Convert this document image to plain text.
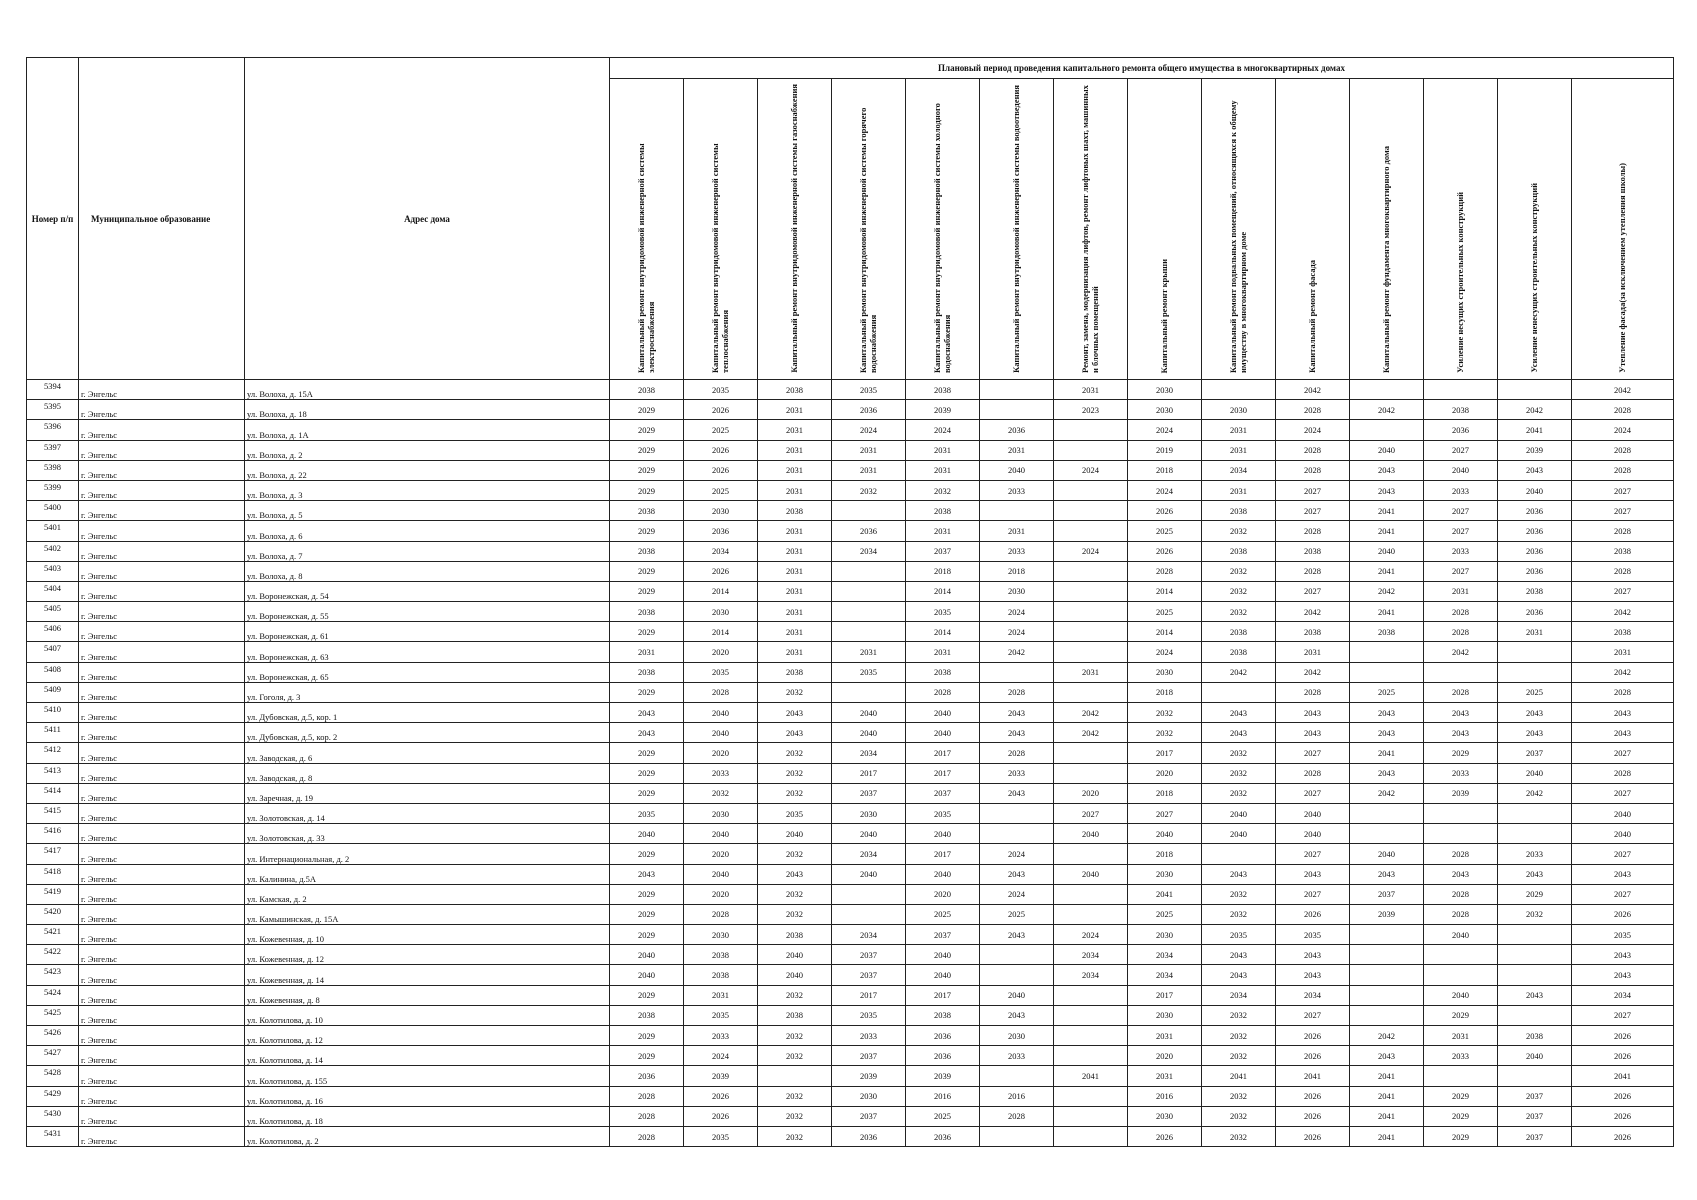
Номер п/п	Муниципальное образование	Адрес дома	Плановый период проведения капитального ремонта общего имущества в многоквартирных домах													

			Капитальный ремонт внутридомовой инженерной системы электроснабжения	Капитальный ремонт внутридомовой инженерной системы теплоснабжения	Капитальный ремонт внутридомовой инженерной системы газоснабжения	Капитальный ремонт внутридомовой инженерной системы горячего водоснабжения	Капитальный ремонт внутридомовой инженерной системы холодного водоснабжения	Капитальный ремонт внутридомовой инженерной системы водоотведения	Ремонт, замена, модернизация лифтов, ремонт лифтовых шахт, машинных и блочных помещений	Капитальный ремонт крыши	Капитальный ремонт подвальных помещений, относящихся к общему имуществу в многоквартирном доме	Капитальный ремонт фасада	Капитальный ремонт фундамента многоквартирного дома	Усиление несущих строительных конструкций	Усиление ненесущих строительных конструкций	Утепление фасада(за исключением утепления школы)

5394	г. Энгельс	ул. Волоха, д. 15А	2038	2035	2038	2035	2038		2031	2030		2042				2042
5395	г. Энгельс	ул. Волоха, д. 18	2029	2026	2031	2036	2039		2023	2030	2030	2028	2042	2038	2042	2028
5396	г. Энгельс	ул. Волоха, д. 1А	2029	2025	2031	2024	2024	2036		2024	2031	2024		2036	2041	2024
5397	г. Энгельс	ул. Волоха, д. 2	2029	2026	2031	2031	2031	2031		2019	2031	2028	2040	2027	2039	2028
5398	г. Энгельс	ул. Волоха, д. 22	2029	2026	2031	2031	2031	2040	2024	2018	2034	2028	2043	2040	2043	2028
5399	г. Энгельс	ул. Волоха, д. 3	2029	2025	2031	2032	2032	2033		2024	2031	2027	2043	2033	2040	2027
5400	г. Энгельс	ул. Волоха, д. 5	2038	2030	2038		2038			2026	2038	2027	2041	2027	2036	2027
5401	г. Энгельс	ул. Волоха, д. 6	2029	2036	2031	2036	2031	2031		2025	2032	2028	2041	2027	2036	2028
5402	г. Энгельс	ул. Волоха, д. 7	2038	2034	2031	2034	2037	2033	2024	2026	2038	2038	2040	2033	2036	2038
5403	г. Энгельс	ул. Волоха, д. 8	2029	2026	2031		2018	2018		2028	2032	2028	2041	2027	2036	2028
5404	г. Энгельс	ул. Воронежская, д. 54	2029	2014	2031		2014	2030		2014	2032	2027	2042	2031	2038	2027
5405	г. Энгельс	ул. Воронежская, д. 55	2038	2030	2031		2035	2024		2025	2032	2042	2041	2028	2036	2042
5406	г. Энгельс	ул. Воронежская, д. 61	2029	2014	2031		2014	2024		2014	2038	2038	2038	2028	2031	2038
5407	г. Энгельс	ул. Воронежская, д. 63	2031	2020	2031	2031	2031	2042		2024	2038	2031		2042		2031
5408	г. Энгельс	ул. Воронежская, д. 65	2038	2035	2038	2035	2038		2031	2030	2042	2042				2042
5409	г. Энгельс	ул. Гоголя, д. 3	2029	2028	2032		2028	2028		2018		2028	2025	2028	2025	2028
5410	г. Энгельс	ул. Дубовская, д.5, кор. 1	2043	2040	2043	2040	2040	2043	2042	2032	2043	2043	2043	2043	2043	2043
5411	г. Энгельс	ул. Дубовская, д.5, кор. 2	2043	2040	2043	2040	2040	2043	2042	2032	2043	2043	2043	2043	2043	2043
5412	г. Энгельс	ул. Заводская, д. 6	2029	2020	2032	2034	2017	2028		2017	2032	2027	2041	2029	2037	2027
5413	г. Энгельс	ул. Заводская, д. 8	2029	2033	2032	2017	2017	2033		2020	2032	2028	2043	2033	2040	2028
5414	г. Энгельс	ул. Заречная, д. 19	2029	2032	2032	2037	2037	2043	2020	2018	2032	2027	2042	2039	2042	2027
5415	г. Энгельс	ул. Золотовская, д. 14	2035	2030	2035	2030	2035		2027	2027	2040	2040				2040
5416	г. Энгельс	ул. Золотовская, д. 33	2040	2040	2040	2040	2040		2040	2040	2040	2040				2040
5417	г. Энгельс	ул. Интернациональная, д. 2	2029	2020	2032	2034	2017	2024		2018		2027	2040	2028	2033	2027
5418	г. Энгельс	ул. Калинина, д.5А	2043	2040	2043	2040	2040	2043	2040	2030	2043	2043	2043	2043	2043	2043
5419	г. Энгельс	ул. Камская, д. 2	2029	2020	2032		2020	2024		2041	2032	2027	2037	2028	2029	2027
5420	г. Энгельс	ул. Камышинская, д. 15А	2029	2028	2032		2025	2025		2025	2032	2026	2039	2028	2032	2026
5421	г. Энгельс	ул. Кожевенная, д. 10	2029	2030	2038	2034	2037	2043	2024	2030	2035	2035		2040		2035
5422	г. Энгельс	ул. Кожевенная, д. 12	2040	2038	2040	2037	2040		2034	2034	2043	2043				2043
5423	г. Энгельс	ул. Кожевенная, д. 14	2040	2038	2040	2037	2040		2034	2034	2043	2043				2043
5424	г. Энгельс	ул. Кожевенная, д. 8	2029	2031	2032	2017	2017	2040		2017	2034	2034		2040	2043	2034
5425	г. Энгельс	ул. Колотилова, д. 10	2038	2035	2038	2035	2038	2043		2030	2032	2027		2029		2027
5426	г. Энгельс	ул. Колотилова, д. 12	2029	2033	2032	2033	2036	2030		2031	2032	2026	2042	2031	2038	2026
5427	г. Энгельс	ул. Колотилова, д. 14	2029	2024	2032	2037	2036	2033		2020	2032	2026	2043	2033	2040	2026
5428	г. Энгельс	ул. Колотилова, д. 155	2036	2039		2039	2039		2041	2031	2041	2041	2041			2041
5429	г. Энгельс	ул. Колотилова, д. 16	2028	2026	2032	2030	2016	2016		2016	2032	2026	2041	2029	2037	2026
5430	г. Энгельс	ул. Колотилова, д. 18	2028	2026	2032	2037	2025	2028		2030	2032	2026	2041	2029	2037	2026
5431	г. Энгельс	ул. Колотилова, д. 2	2028	2035	2032	2036	2036			2026	2032	2026	2041	2029	2037	2026
